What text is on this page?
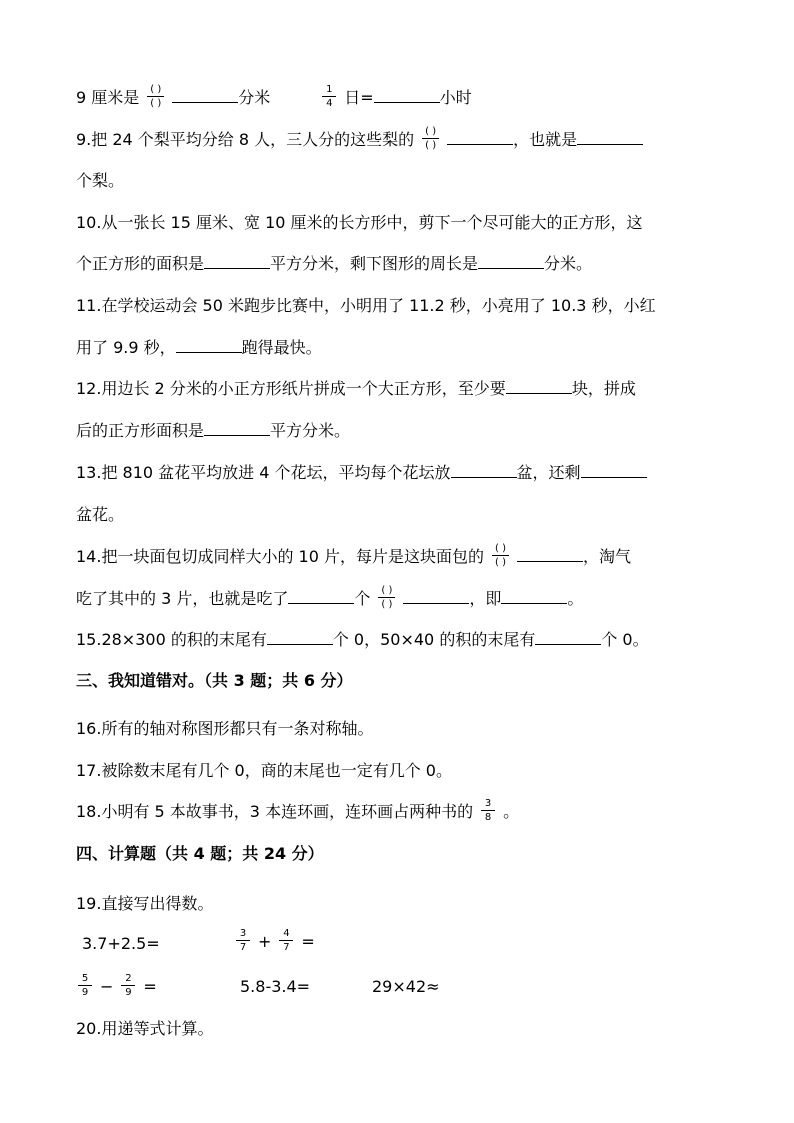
9 厘米是 $\frac{( )}{( )}$	分米	$\frac{1}{4}$ 日=	小时
9.把 24 个梨平均分给 8 人，三人分的这些梨的 $\frac{( )}{( )}$	，也就是
个梨。
10.从一张长 15 厘米、宽 10 厘米的长方形中，剪下一个尽可能大的正方形，这
个正方形的面积是	平方分米，剩下图形的周长是	分米。
11.在学校运动会 50 米跑步比赛中，小明用了 11.2 秒，小亮用了 10.3 秒，小红
用了 9.9 秒，	跑得最快。
12.用边长 2 分米的小正方形纸片拼成一个大正方形，至少要	块，拼成
后的正方形面积是	平方分米。
13.把 810 盆花平均放进 4 个花坛，平均每个花坛放	盆，还剩
盆花。
14.把一块面包切成同样大小的 10 片，每片是这块面包的 $\frac{( )}{( )}$	，淘气
吃了其中的 3 片，也就是吃了	个 $\frac{( )}{( )}$	，即	。
15.28×300 的积的末尾有	个 0，50×40 的积的末尾有	个 0。
三、我知道错对。（共 3 题；共 6 分）
16.所有的轴对称图形都只有一条对称轴。
17.被除数末尾有几个 0，商的末尾也一定有几个 0。
18.小明有 5 本故事书，3 本连环画，连环画占两种书的 $\frac{3}{8}$ 。
四、计算题（共 4 题；共 24 分）
19.直接写出得数。
3.7+2.5=	$\frac{3}{7} + \frac{4}{7}$ =
$\frac{5}{9} - \frac{2}{9}$ =	5.8-3.4=	29×42≈
20.用递等式计算。
